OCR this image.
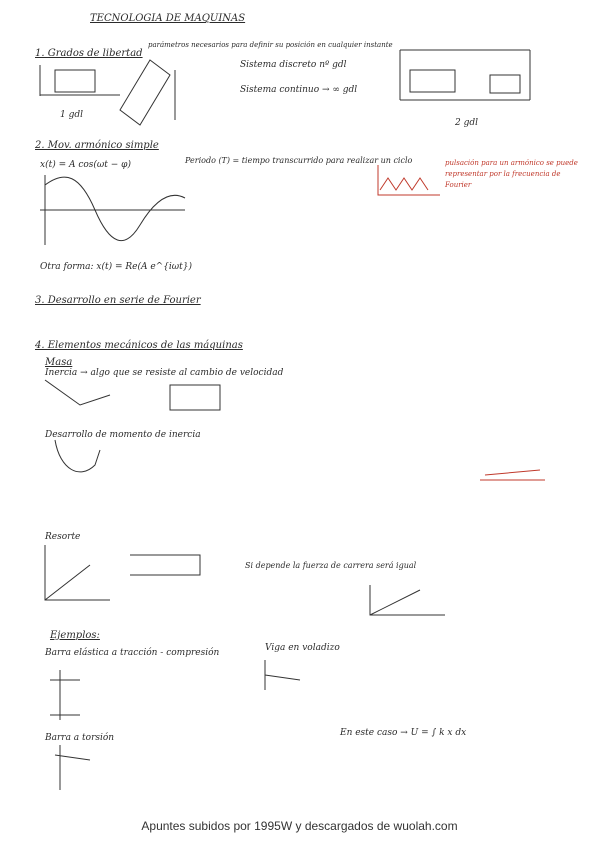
TECNOLOGIA DE MAQUINAS
1. Grados de libertad
parámetros necesarios para definir su posición en cualquier instante
Sistema discreto nº gdl
Sistema continuo → ∞ gdl
1 gdl
2 gdl
2. Mov. armónico simple
x(t) = A cos(ωt − φ)	Periodo (T) = tiempo transcurrido para realizar un ciclo	pulsación para un armónico se puede representar por la frecuencia de Fourier
Otra forma: x(t) = Re(A e^{iωt})
3. Desarrollo en serie de Fourier
4. Elementos mecánicos de las máquinas
Masa
Inercia → algo que se resiste al cambio de velocidad
Desarrollo de momento de inercia
Resorte
Si depende la fuerza de carrera será igual
Ejemplos:
Barra elástica a tracción - compresión	Viga en voladizo
Barra a torsión	En este caso → U = ∫ k x dx
Apuntes subidos por 1995W y descargados de wuolah.com
